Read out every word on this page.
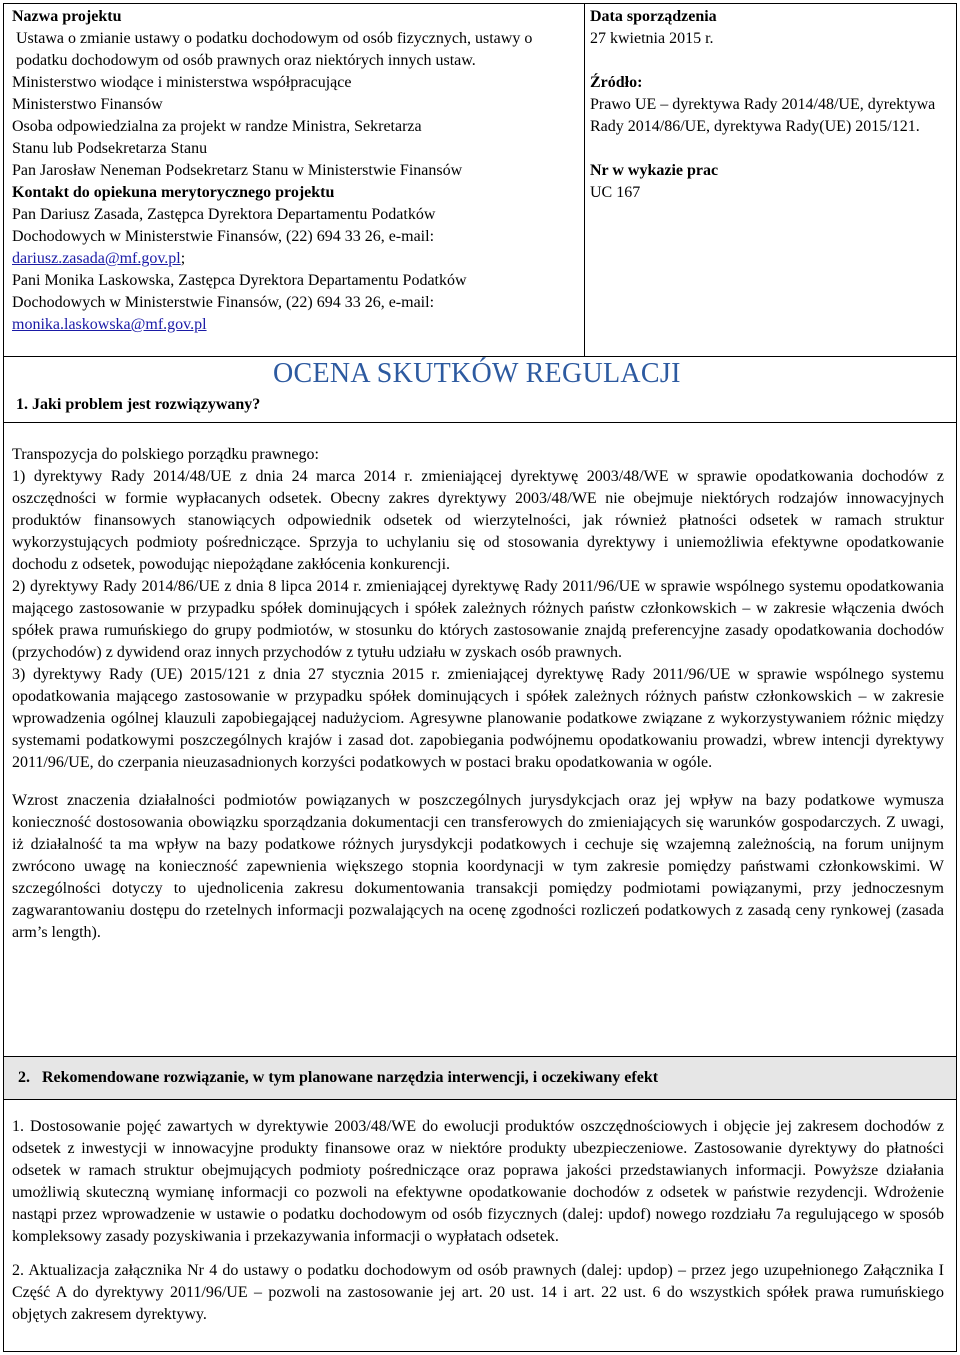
Nazwa projektu
Ustawa o zmianie ustawy o podatku dochodowym od osób fizycznych, ustawy o podatku dochodowym od osób prawnych oraz niektórych innych ustaw.
Ministerstwo wiodące i ministerstwa współpracujące
Ministerstwo Finansów
Osoba odpowiedzialna za projekt w randze Ministra, Sekretarza
Stanu lub Podsekretarza Stanu
Pan Jarosław Neneman Podsekretarz Stanu w Ministerstwie Finansów
Kontakt do opiekuna merytorycznego projektu
Pan Dariusz Zasada, Zastępca Dyrektora Departamentu Podatków
Dochodowych w Ministerstwie Finansów, (22) 694 33 26, e-mail:
dariusz.zasada@mf.gov.pl;
Pani Monika Laskowska, Zastępca Dyrektora Departamentu Podatków
Dochodowych w Ministerstwie Finansów, (22) 694 33 26, e-mail:
monika.laskowska@mf.gov.pl
Data sporządzenia
27 kwietnia 2015 r.
Źródło:
Prawo UE – dyrektywa Rady 2014/48/UE, dyrektywa Rady 2014/86/UE, dyrektywa Rady(UE) 2015/121.
Nr w wykazie prac
UC 167
OCENA SKUTKÓW REGULACJI
1. Jaki problem jest rozwiązywany?

Transpozycja do polskiego porządku prawnego:

1) dyrektywy Rady 2014/48/UE z dnia 24 marca 2014 r. zmieniającej dyrektywę 2003/48/WE w sprawie opodatkowania dochodów z oszczędności w formie wypłacanych odsetek. Obecny zakres dyrektywy 2003/48/WE nie obejmuje niektórych rodzajów innowacyjnych produktów finansowych stanowiących odpowiednik odsetek od wierzytelności, jak również płatności odsetek w ramach struktur wykorzystujących podmioty pośredniczące. Sprzyja to uchylaniu się od stosowania dyrektywy i uniemożliwia efektywne opodatkowanie dochodu z odsetek, powodując niepożądane zakłócenia konkurencji.

2) dyrektywy Rady 2014/86/UE z dnia 8 lipca 2014 r. zmieniającej dyrektywę Rady 2011/96/UE w sprawie wspólnego systemu opodatkowania mającego zastosowanie w przypadku spółek dominujących i spółek zależnych różnych państw członkowskich – w zakresie włączenia dwóch spółek prawa rumuńskiego do grupy podmiotów, w stosunku do których zastosowanie znajdą preferencyjne zasady opodatkowania dochodów (przychodów) z dywidend oraz innych przychodów z tytułu udziału w zyskach osób prawnych.

3) dyrektywy Rady (UE) 2015/121 z dnia 27 stycznia 2015 r. zmieniającej dyrektywę Rady 2011/96/UE w sprawie wspólnego systemu opodatkowania mającego zastosowanie w przypadku spółek dominujących i spółek zależnych różnych państw członkowskich – w zakresie wprowadzenia ogólnej klauzuli zapobiegającej nadużyciom. Agresywne planowanie podatkowe związane z wykorzystywaniem różnic między systemami podatkowymi poszczególnych krajów i zasad dot. zapobiegania podwójnemu opodatkowaniu prowadzi, wbrew intencji dyrektywy 2011/96/UE, do czerpania nieuzasadnionych korzyści podatkowych w postaci braku opodatkowania w ogóle.

Wzrost znaczenia działalności podmiotów powiązanych w poszczególnych jurysdykcjach oraz jej wpływ na bazy podatkowe wymusza konieczność dostosowania obowiązku sporządzania dokumentacji cen transferowych do zmieniających się warunków gospodarczych. Z uwagi, iż działalność ta ma wpływ na bazy podatkowe różnych jurysdykcji podatkowych i cechuje się wzajemną zależnością, na forum unijnym zwrócono uwagę na konieczność zapewnienia większego stopnia koordynacji w tym zakresie pomiędzy państwami członkowskimi. W szczególności dotyczy to ujednolicenia zakresu dokumentowania transakcji pomiędzy podmiotami powiązanymi, przy jednoczesnym zagwarantowaniu dostępu do rzetelnych informacji pozwalających na ocenę zgodności rozliczeń podatkowych z zasadą ceny rynkowej (zasada arm’s length).

2. Rekomendowane rozwiązanie, w tym planowane narzędzia interwencji, i oczekiwany efekt

1. Dostosowanie pojęć zawartych w dyrektywie 2003/48/WE do ewolucji produktów oszczędnościowych i objęcie jej zakresem dochodów z odsetek z inwestycji w innowacyjne produkty finansowe oraz w niektóre produkty ubezpieczeniowe. Zastosowanie dyrektywy do płatności odsetek w ramach struktur obejmujących podmioty pośredniczące oraz poprawa jakości przedstawianych informacji. Powyższe działania umożliwią skuteczną wymianę informacji co pozwoli na efektywne opodatkowanie dochodów z odsetek w państwie rezydencji. Wdrożenie nastąpi przez wprowadzenie w ustawie o podatku dochodowym od osób fizycznych (dalej: updof) nowego rozdziału 7a regulującego w sposób kompleksowy zasady pozyskiwania i przekazywania informacji o wypłatach odsetek.

2. Aktualizacja załącznika Nr 4 do ustawy o podatku dochodowym od osób prawnych (dalej: updop) – przez jego uzupełnionego Załącznika I Część A do dyrektywy 2011/96/UE – pozwoli na zastosowanie jej art. 20 ust. 14 i art. 22 ust. 6 do wszystkich spółek prawa rumuńskiego objętych zakresem dyrektywy.
